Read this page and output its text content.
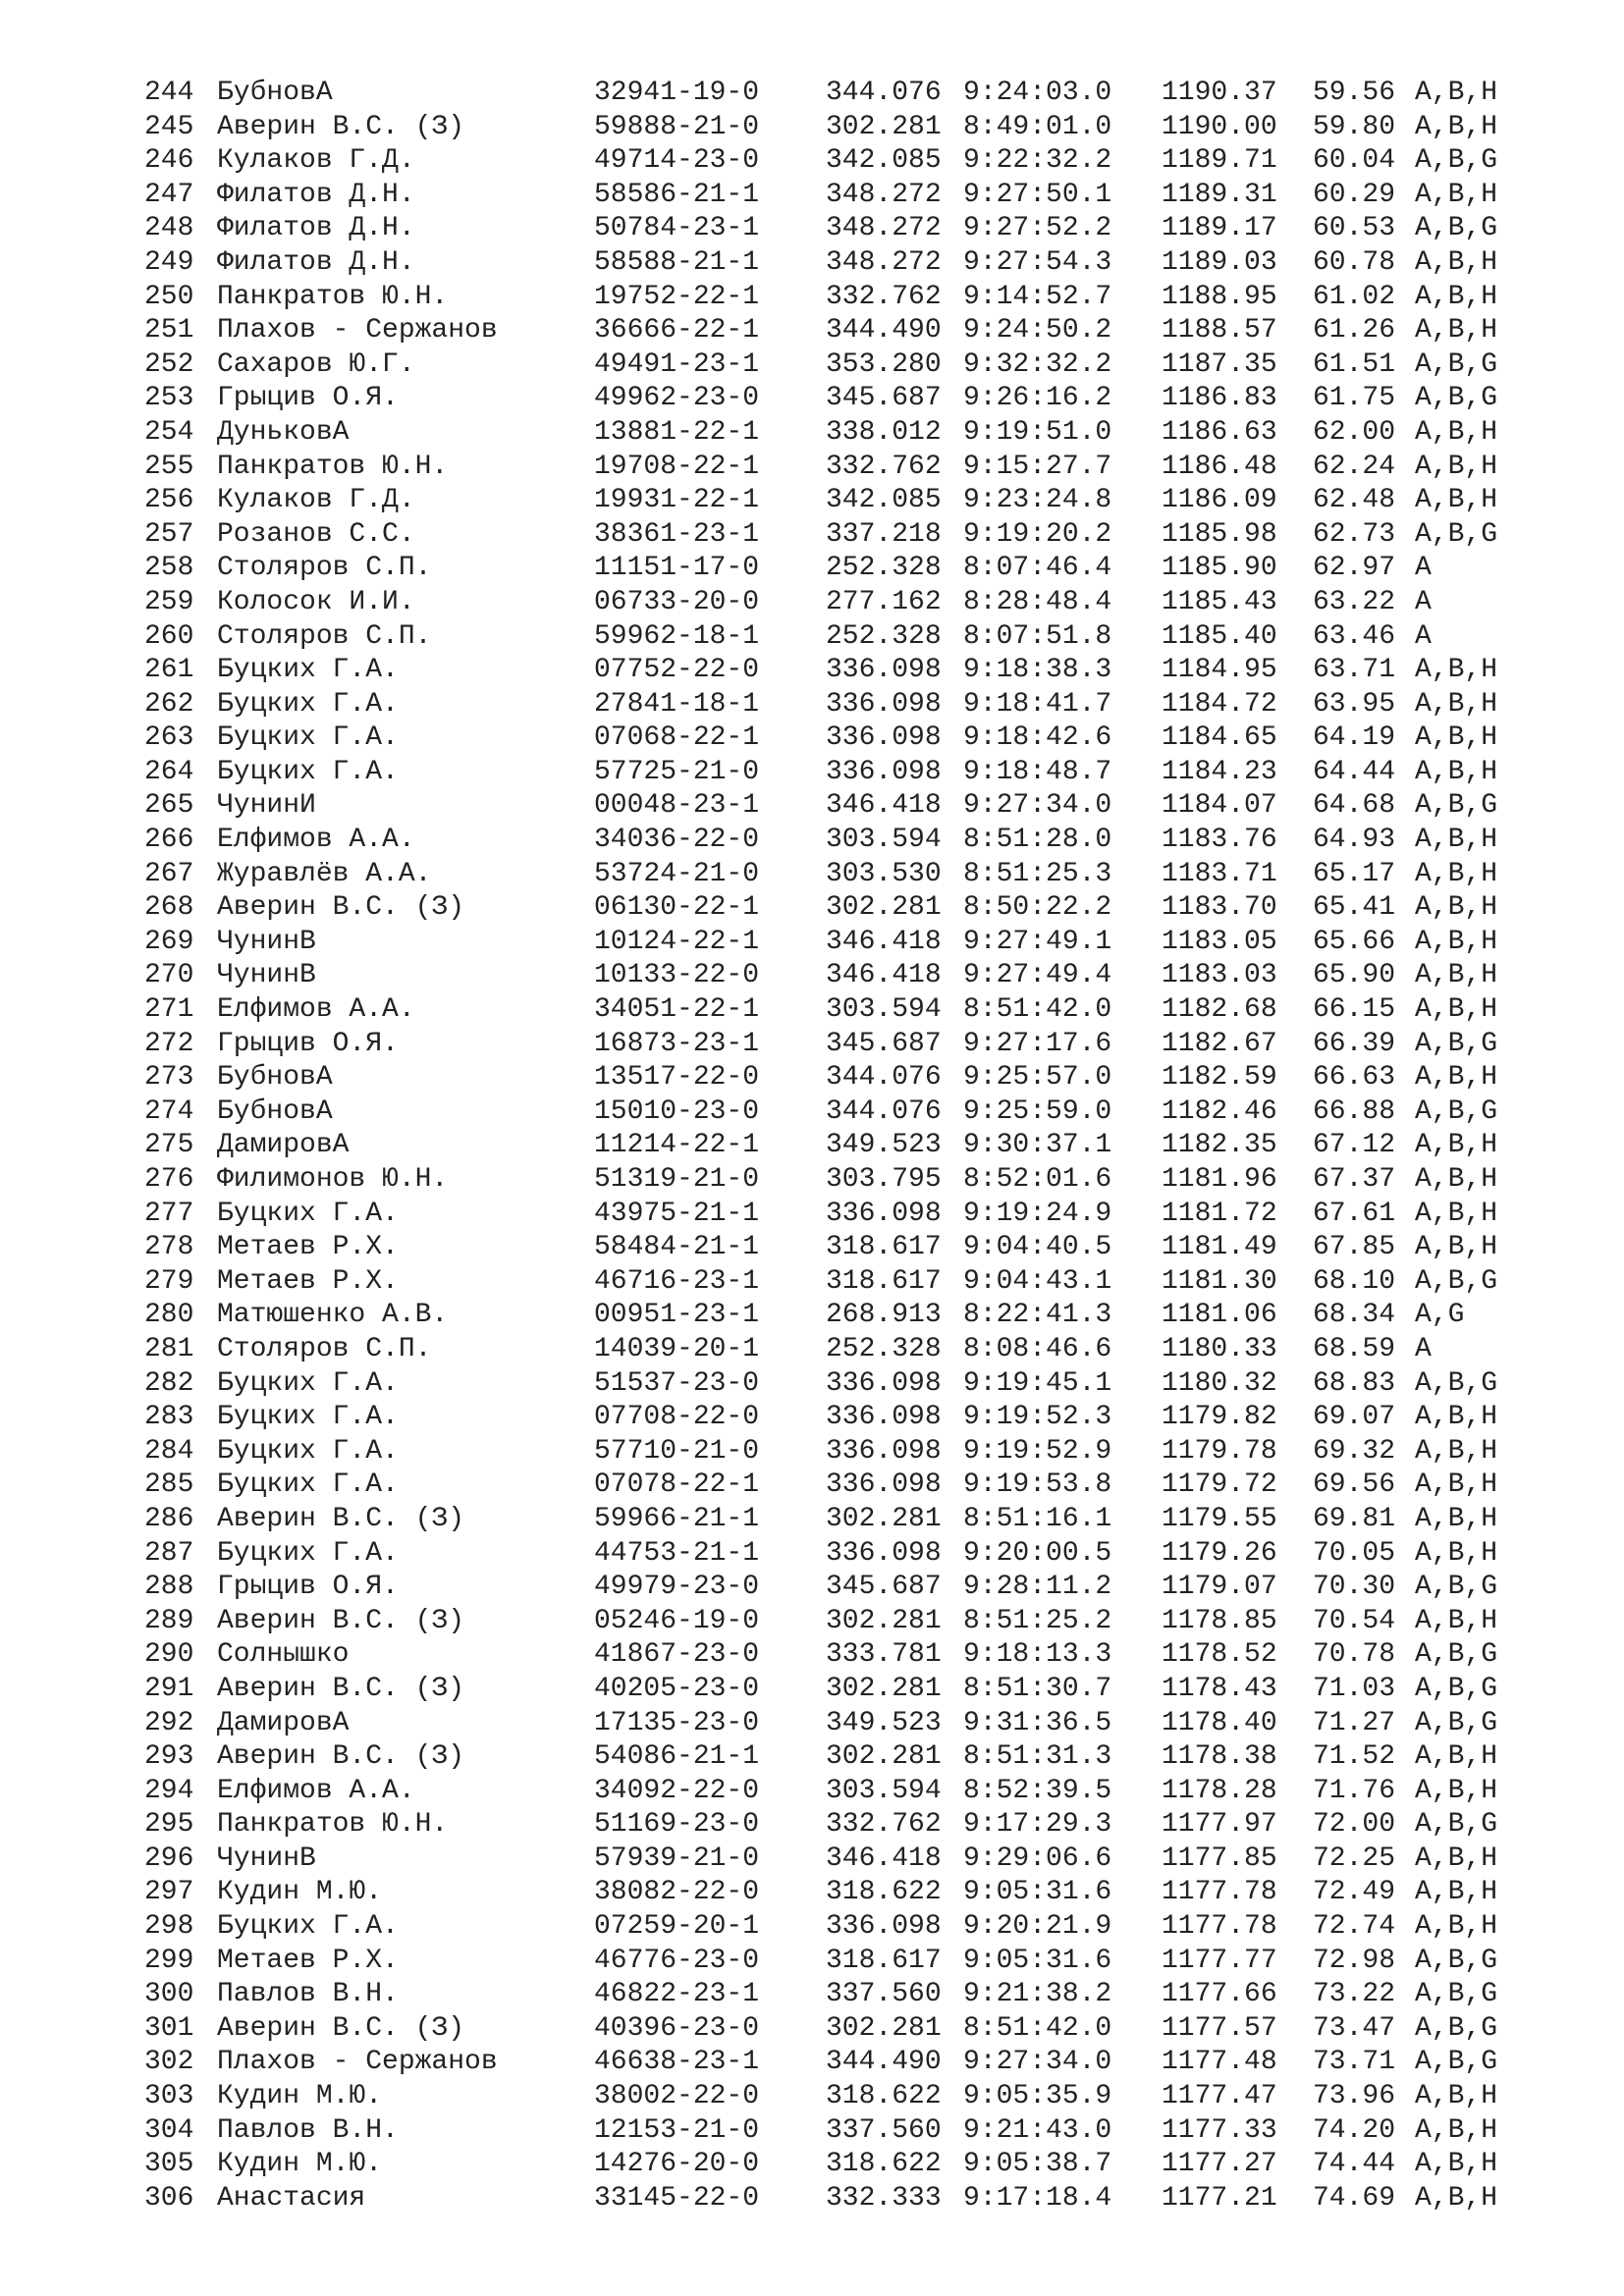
244 БубновА	32941-19-0 344.076 9:24:03.0 1190.37 59.56 A,B,H
245 Аверин В.С. (З)	59888-21-0 302.281 8:49:01.0 1190.00 59.80 A,B,H
246 Кулаков Г.Д.	49714-23-0 342.085 9:22:32.2 1189.71 60.04 A,B,G
247 Филатов Д.Н.	58586-21-1 348.272 9:27:50.1 1189.31 60.29 A,B,H
248 Филатов Д.Н.	50784-23-1 348.272 9:27:52.2 1189.17 60.53 A,B,G
249 Филатов Д.Н.	58588-21-1 348.272 9:27:54.3 1189.03 60.78 A,B,H
250 Панкратов Ю.Н.	19752-22-1 332.762 9:14:52.7 1188.95 61.02 A,B,H
251 Плахов - Сержанов	36666-22-1 344.490 9:24:50.2 1188.57 61.26 A,B,H
252 Сахаров Ю.Г.	49491-23-1 353.280 9:32:32.2 1187.35 61.51 A,B,G
253 Грыцив О.Я.	49962-23-0 345.687 9:26:16.2 1186.83 61.75 A,B,G
254 ДуньковА	13881-22-1 338.012 9:19:51.0 1186.63 62.00 A,B,H
255 Панкратов Ю.Н.	19708-22-1 332.762 9:15:27.7 1186.48 62.24 A,B,H
256 Кулаков Г.Д.	19931-22-1 342.085 9:23:24.8 1186.09 62.48 A,B,H
257 Розанов С.С.	38361-23-1 337.218 9:19:20.2 1185.98 62.73 A,B,G
258 Столяров С.П.	11151-17-0 252.328 8:07:46.4 1185.90 62.97 A
259 Колосок И.И.	06733-20-0 277.162 8:28:48.4 1185.43 63.22 A
260 Столяров С.П.	59962-18-1 252.328 8:07:51.8 1185.40 63.46 A
261 Буцких Г.А.	07752-22-0 336.098 9:18:38.3 1184.95 63.71 A,B,H
262 Буцких Г.А.	27841-18-1 336.098 9:18:41.7 1184.72 63.95 A,B,H
263 Буцких Г.А.	07068-22-1 336.098 9:18:42.6 1184.65 64.19 A,B,H
264 Буцких Г.А.	57725-21-0 336.098 9:18:48.7 1184.23 64.44 A,B,H
265 ЧунинИ	00048-23-1 346.418 9:27:34.0 1184.07 64.68 A,B,G
266 Елфимов А.А.	34036-22-0 303.594 8:51:28.0 1183.76 64.93 A,B,H
267 Журавлёв А.А.	53724-21-0 303.530 8:51:25.3 1183.71 65.17 A,B,H
268 Аверин В.С. (З)	06130-22-1 302.281 8:50:22.2 1183.70 65.41 A,B,H
269 ЧунинВ	10124-22-1 346.418 9:27:49.1 1183.05 65.66 A,B,H
270 ЧунинВ	10133-22-0 346.418 9:27:49.4 1183.03 65.90 A,B,H
271 Елфимов А.А.	34051-22-1 303.594 8:51:42.0 1182.68 66.15 A,B,H
272 Грыцив О.Я.	16873-23-1 345.687 9:27:17.6 1182.67 66.39 A,B,G
273 БубновА	13517-22-0 344.076 9:25:57.0 1182.59 66.63 A,B,H
274 БубновА	15010-23-0 344.076 9:25:59.0 1182.46 66.88 A,B,G
275 ДамировА	11214-22-1 349.523 9:30:37.1 1182.35 67.12 A,B,H
276 Филимонов Ю.Н.	51319-21-0 303.795 8:52:01.6 1181.96 67.37 A,B,H
277 Буцких Г.А.	43975-21-1 336.098 9:19:24.9 1181.72 67.61 A,B,H
278 Метаев Р.Х.	58484-21-1 318.617 9:04:40.5 1181.49 67.85 A,B,H
279 Метаев Р.Х.	46716-23-1 318.617 9:04:43.1 1181.30 68.10 A,B,G
280 Матюшенко А.В.	00951-23-1 268.913 8:22:41.3 1181.06 68.34 A,G
281 Столяров С.П.	14039-20-1 252.328 8:08:46.6 1180.33 68.59 A
282 Буцких Г.А.	51537-23-0 336.098 9:19:45.1 1180.32 68.83 A,B,G
283 Буцких Г.А.	07708-22-0 336.098 9:19:52.3 1179.82 69.07 A,B,H
284 Буцких Г.А.	57710-21-0 336.098 9:19:52.9 1179.78 69.32 A,B,H
285 Буцких Г.А.	07078-22-1 336.098 9:19:53.8 1179.72 69.56 A,B,H
286 Аверин В.С. (З)	59966-21-1 302.281 8:51:16.1 1179.55 69.81 A,B,H
287 Буцких Г.А.	44753-21-1 336.098 9:20:00.5 1179.26 70.05 A,B,H
288 Грыцив О.Я.	49979-23-0 345.687 9:28:11.2 1179.07 70.30 A,B,G
289 Аверин В.С. (З)	05246-19-0 302.281 8:51:25.2 1178.85 70.54 A,B,H
290 Солнышко	41867-23-0 333.781 9:18:13.3 1178.52 70.78 A,B,G
291 Аверин В.С. (З)	40205-23-0 302.281 8:51:30.7 1178.43 71.03 A,B,G
292 ДамировА	17135-23-0 349.523 9:31:36.5 1178.40 71.27 A,B,G
293 Аверин В.С. (З)	54086-21-1 302.281 8:51:31.3 1178.38 71.52 A,B,H
294 Елфимов А.А.	34092-22-0 303.594 8:52:39.5 1178.28 71.76 A,B,H
295 Панкратов Ю.Н.	51169-23-0 332.762 9:17:29.3 1177.97 72.00 A,B,G
296 ЧунинВ	57939-21-0 346.418 9:29:06.6 1177.85 72.25 A,B,H
297 Кудин М.Ю.	38082-22-0 318.622 9:05:31.6 1177.78 72.49 A,B,H
298 Буцких Г.А.	07259-20-1 336.098 9:20:21.9 1177.78 72.74 A,B,H
299 Метаев Р.Х.	46776-23-0 318.617 9:05:31.6 1177.77 72.98 A,B,G
300 Павлов В.Н.	46822-23-1 337.560 9:21:38.2 1177.66 73.22 A,B,G
301 Аверин В.С. (З)	40396-23-0 302.281 8:51:42.0 1177.57 73.47 A,B,G
302 Плахов - Сержанов	46638-23-1 344.490 9:27:34.0 1177.48 73.71 A,B,G
303 Кудин М.Ю.	38002-22-0 318.622 9:05:35.9 1177.47 73.96 A,B,H
304 Павлов В.Н.	12153-21-0 337.560 9:21:43.0 1177.33 74.20 A,B,H
305 Кудин М.Ю.	14276-20-0 318.622 9:05:38.7 1177.27 74.44 A,B,H
306 Анастасия	33145-22-0 332.333 9:17:18.4 1177.21 74.69 A,B,H
